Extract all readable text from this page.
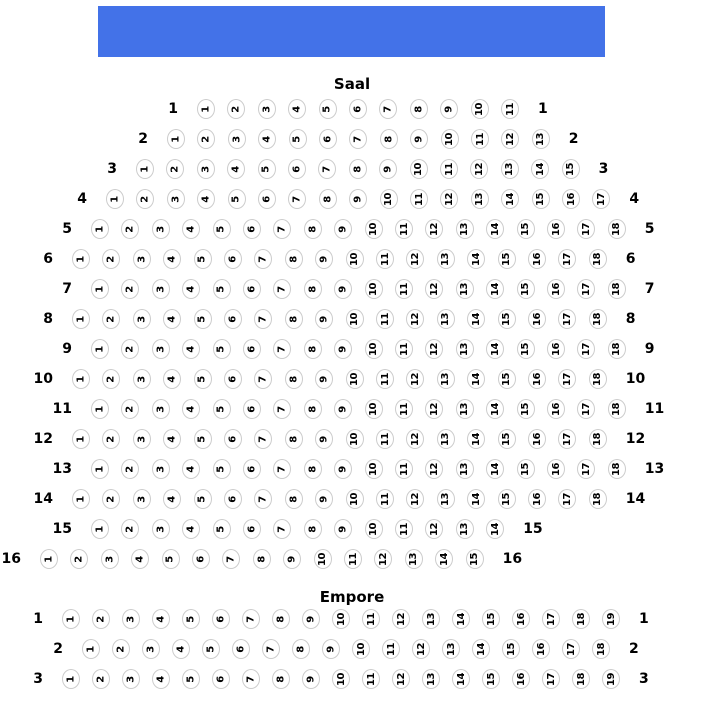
Saal
1	1
1 2 3 4 5 6 7 8 9 10 11
2	2
1 2 3 4 5 6 7 8 9 10 11 12 13
3	3
1 2 3 4 5 6 7 8 9 10 11 12 13 14 15
4	4
1 2 3 4 5 6 7 8 9 10 11 12 13 14 15 16 17
5	5
1 2 3 4 5 6 7 8 9 10 11 12 13 14 15 16 17 18
6	6
1 2 3 4 5 6 7 8 9 10 11 12 13 14 15 16 17 18
7	7
1 2 3 4 5 6 7 8 9 10 11 12 13 14 15 16 17 18
8	8
1 2 3 4 5 6 7 8 9 10 11 12 13 14 15 16 17 18
9	9
1 2 3 4 5 6 7 8 9 10 11 12 13 14 15 16 17 18
10	10
1 2 3 4 5 6 7 8 9 10 11 12 13 14 15 16 17 18
11	11
1 2 3 4 5 6 7 8 9 10 11 12 13 14 15 16 17 18
12	12
1 2 3 4 5 6 7 8 9 10 11 12 13 14 15 16 17 18
13	13
1 2 3 4 5 6 7 8 9 10 11 12 13 14 15 16 17 18
14	14
1 2 3 4 5 6 7 8 9 10 11 12 13 14 15 16 17 18
15	15
1 2 3 4 5 6 7 8 9 10 11 12 13 14
16	16
1 2 3 4 5 6 7 8 9 10 11 12 13 14 15
Empore
1	1
1 2 3 4 5 6 7 8 9 10 11 12 13 14 15 16 17 18 19
2	2
1 2 3 4 5 6 7 8 9 10 11 12 13 14 15 16 17 18
3	3
1 2 3 4 5 6 7 8 9 10 11 12 13 14 15 16 17 18 19
